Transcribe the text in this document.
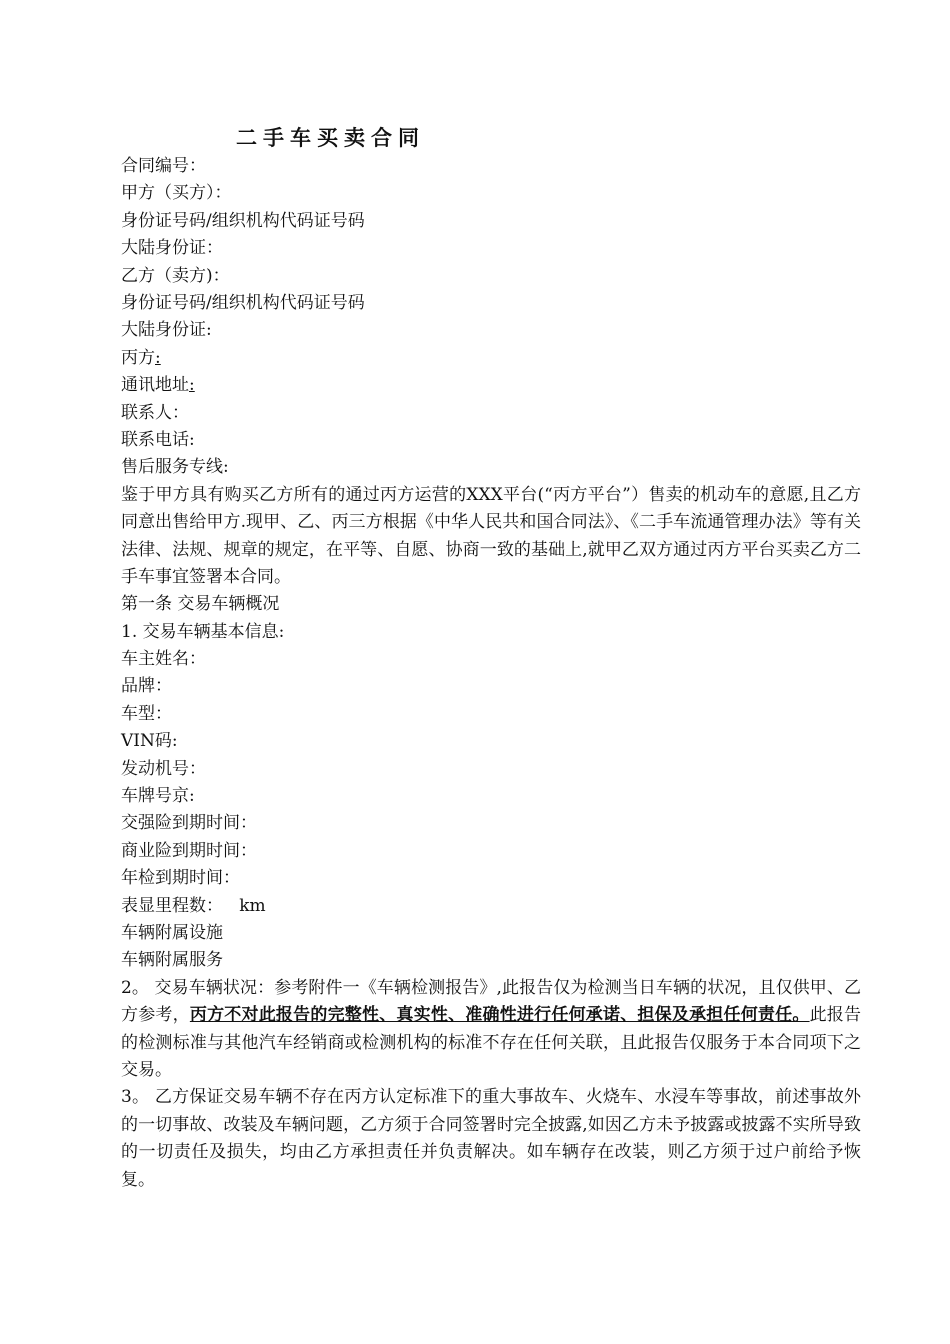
二手车买卖合同
合同编号：
甲方（买方）：
身份证号码/组织机构代码证号码
大陆身份证：
乙方（卖方)：
身份证号码/组织机构代码证号码
大陆身份证:
丙方:
通讯地址:
联系人：
联系电话:
售后服务专线:
鉴于甲方具有购买乙方所有的通过丙方运营的XXX平台(“丙方平台”）售卖的机动车的意愿,且乙方同意出售给甲方.现甲、乙、丙三方根据《中华人民共和国合同法》、《二手车流通管理办法》等有关法律、法规、规章的规定，在平等、自愿、协商一致的基础上,就甲乙双方通过丙方平台买卖乙方二手车事宜签署本合同。
第一条 交易车辆概况
1. 交易车辆基本信息:
车主姓名：
品牌：
车型：
VIN码:
发动机号：
车牌号京:
交强险到期时间：
商业险到期时间：
年检到期时间：
表显里程数：   km
车辆附属设施
车辆附属服务
2。 交易车辆状况：参考附件一《车辆检测报告》,此报告仅为检测当日车辆的状况，且仅供甲、乙方参考，丙方不对此报告的完整性、真实性、准确性进行任何承诺、担保及承担任何责任。此报告的检测标准与其他汽车经销商或检测机构的标准不存在任何关联，且此报告仅服务于本合同项下之交易。
3。 乙方保证交易车辆不存在丙方认定标准下的重大事故车、火烧车、水浸车等事故，前述事故外的一切事故、改装及车辆问题，乙方须于合同签署时完全披露,如因乙方未予披露或披露不实所导致的一切责任及损失，均由乙方承担责任并负责解决。如车辆存在改装，则乙方须于过户前给予恢复。
